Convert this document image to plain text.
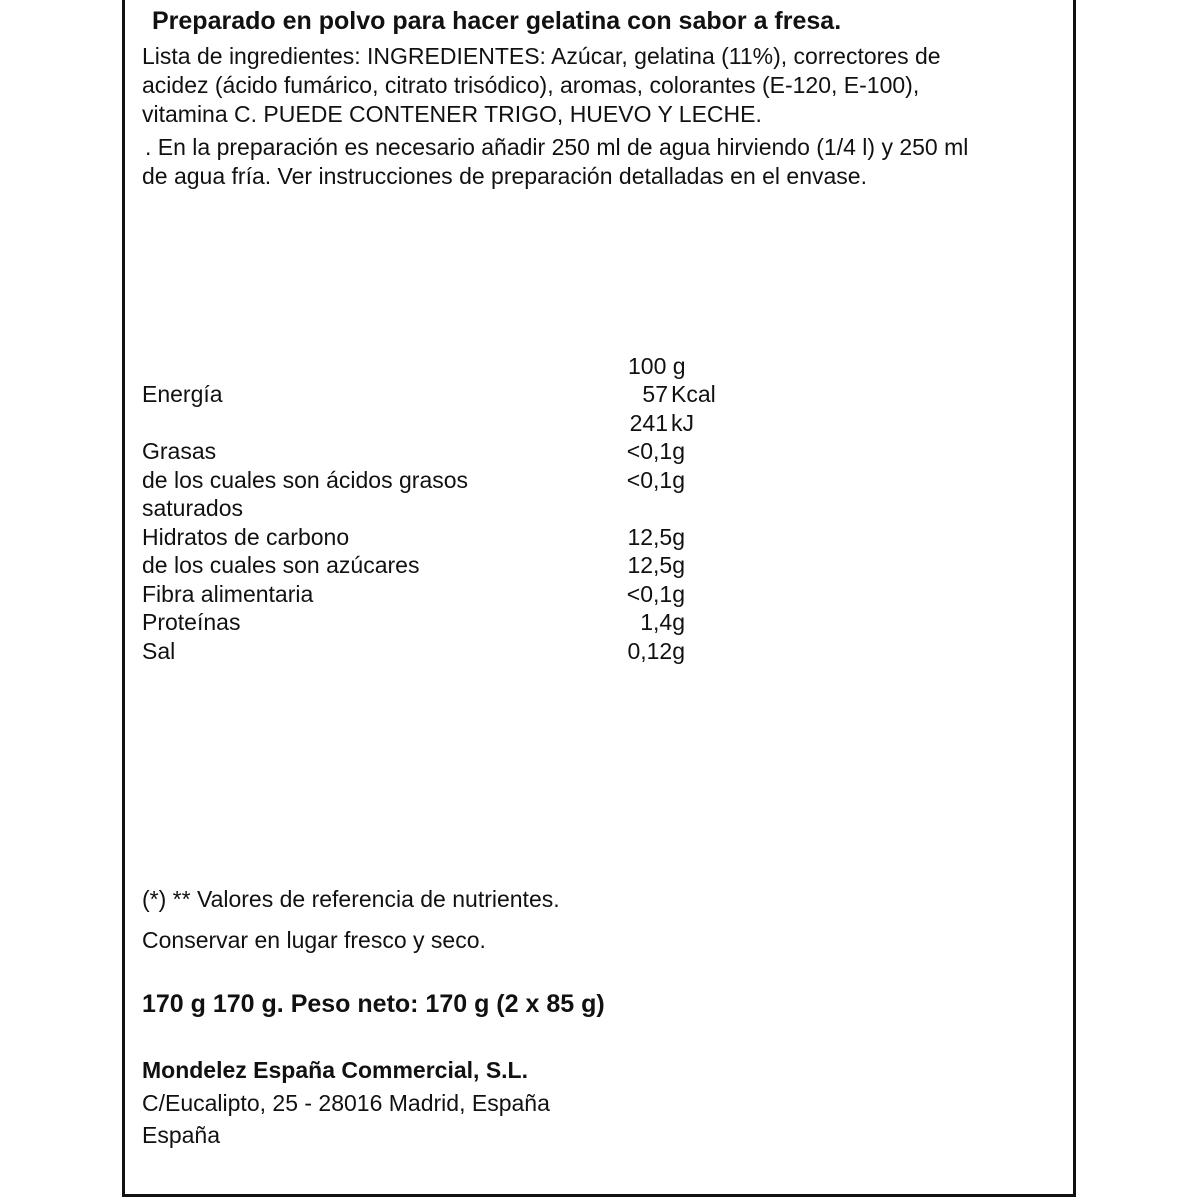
Preparado en polvo para hacer gelatina con sabor a fresa.
Lista de ingredientes: INGREDIENTES: Azúcar, gelatina (11%), correctores de
acidez (ácido fumárico, citrato trisódico), aromas, colorantes (E-120, E-100),
vitamina C. PUEDE CONTENER TRIGO, HUEVO Y LECHE.
. En la preparación es necesario añadir 250 ml de agua hirviendo (1/4 l) y 250 ml
de agua fría. Ver instrucciones de preparación detalladas en el envase.
100 g
Energía	57 Kcal
241 kJ
Grasas	<0,1g
de los cuales son ácidos grasos	<0,1g
saturados
Hidratos de carbono	12,5g
de los cuales son azúcares	12,5g
Fibra alimentaria	<0,1g
Proteínas	1,4g
Sal	0,12g
(*) ** Valores de referencia de nutrientes.
Conservar en lugar fresco y seco.
170 g 170 g. Peso neto: 170 g (2 x 85 g)
Mondelez España Commercial, S.L.
C/Eucalipto, 25 - 28016 Madrid, España
España
